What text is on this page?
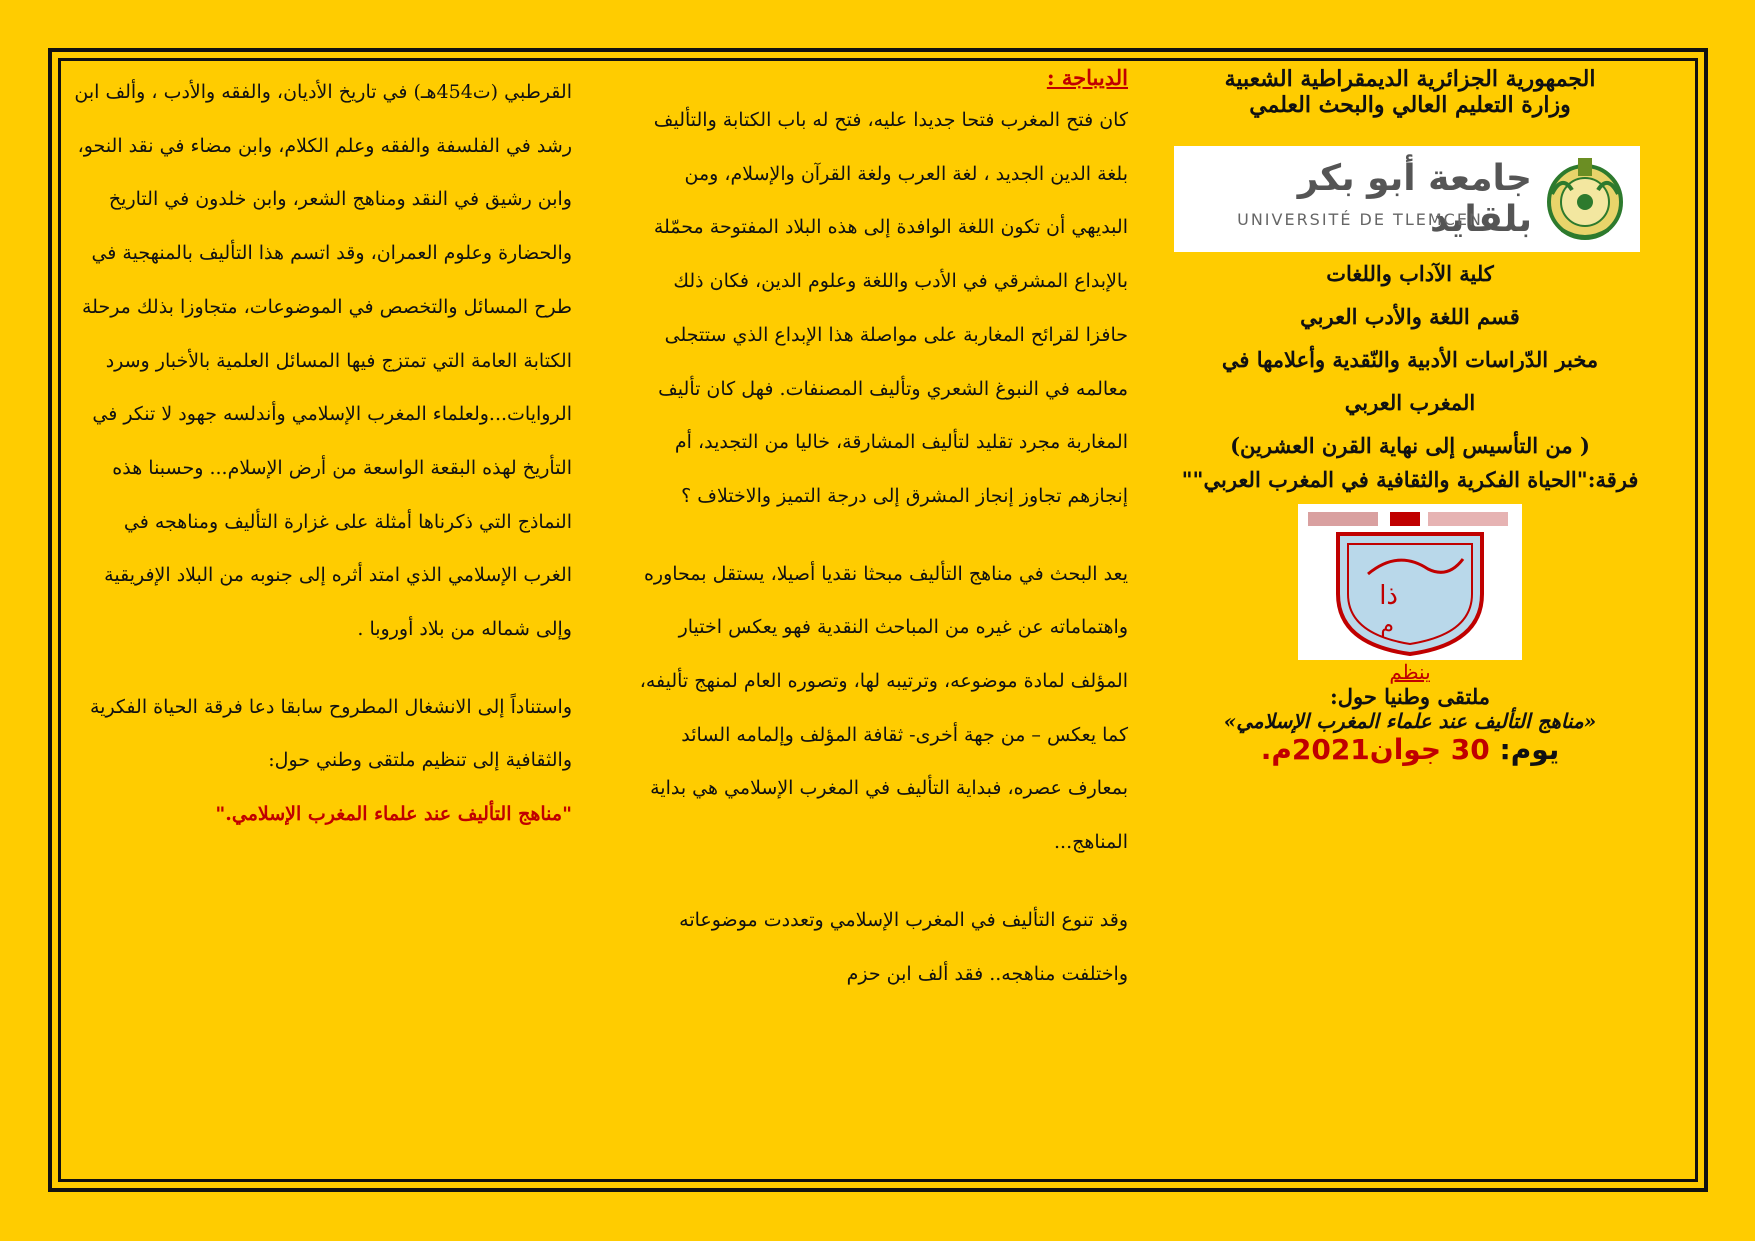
الجمهورية الجزائرية الديمقراطية الشعبية

وزارة التعليم العالي والبحث العلمي

جامعة أبو بكر بلقايد
UNIVERSITÉ DE TLEMCEN

كلية الآداب واللغات
قسم اللغة والأدب العربي
مخبر الدّراسات الأدبية والنّقدية وأعلامها في
المغرب العربي
( من التأسيس إلى نهاية القرن العشرين)

فرقة:"الحياة الفكرية والثقافية في المغرب العربي""

ذا
م

ينظم

ملتقى وطنيا حول:

«مناهج التأليف عند علماء المغرب الإسلامي»

يوم: 30 جوان2021م.

الديباجة :

كان فتح المغرب فتحا جديدا عليه، فتح له باب الكتابة والتأليف بلغة الدين الجديد ، لغة العرب ولغة القرآن والإسلام، ومن البديهي أن تكون اللغة الوافدة إلى هذه البلاد المفتوحة محمّلة بالإبداع المشرقي في الأدب واللغة وعلوم الدين، فكان ذلك حافزا لقرائح المغاربة على مواصلة هذا الإبداع الذي ستتجلى معالمه في النبوغ الشعري وتأليف المصنفات. فهل كان تأليف المغاربة مجرد تقليد لتأليف المشارقة، خاليا من التجديد، أم إنجازهم تجاوز إنجاز المشرق إلى درجة التميز والاختلاف ؟

يعد البحث في مناهج التأليف مبحثا نقديا أصيلا، يستقل بمحاوره واهتماماته عن غيره من المباحث النقدية فهو يعكس اختيار المؤلف لمادة موضوعه، وترتيبه لها، وتصوره العام لمنهج تأليفه، كما يعكس – من جهة أخرى- ثقافة المؤلف وإلمامه السائد بمعارف عصره، فبداية التأليف في المغرب الإسلامي هي بداية المناهج...

وقد تنوع التأليف في المغرب الإسلامي وتعددت موضوعاته واختلفت مناهجه.. فقد ألف ابن حزم

القرطبي (ت454هـ) في تاريخ الأديان، والفقه والأدب ، وألف ابن رشد في الفلسفة والفقه وعلم الكلام، وابن مضاء في نقد النحو، وابن رشيق في النقد ومناهج الشعر، وابن خلدون في التاريخ والحضارة وعلوم العمران، وقد اتسم هذا التأليف بالمنهجية في طرح المسائل والتخصص في الموضوعات، متجاوزا بذلك مرحلة الكتابة العامة التي تمتزج فيها المسائل العلمية بالأخبار وسرد الروايات...ولعلماء المغرب الإسلامي وأندلسه جهود لا تنكر في التأريخ لهذه البقعة الواسعة من أرض الإسلام... وحسبنا هذه النماذج التي ذكرناها أمثلة على غزارة التأليف ومناهجه في الغرب الإسلامي الذي امتد أثره إلى جنوبه من البلاد الإفريقية وإلى شماله من بلاد أوروبا .

واستناداً إلى الانشغال المطروح سابقا دعا فرقة الحياة الفكرية والثقافية إلى تنظيم ملتقى وطني حول:

"مناهج التأليف عند علماء المغرب الإسلامي."
